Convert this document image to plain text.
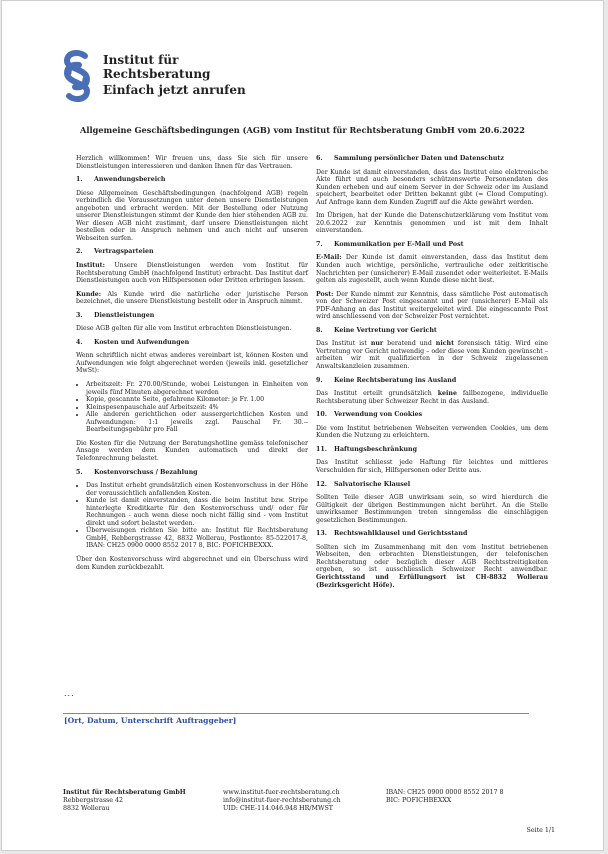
Institut für
Rechtsberatung
Einfach jetzt anrufen
Allgemeine Geschäftsbedingungen (AGB) vom Institut für Rechtsberatung GmbH vom 20.6.2022

Herzlich willkommen! Wir freuen uns, dass Sie sich für unsere Dienstleistungen interessieren und danken Ihnen für das Vertrauen.

1.	Anwendungsbereich

Diese Allgemeinen Geschäftsbedingungen (nachfolgend AGB) regeln verbindlich die Voraussetzungen unter denen unsere Dienstleistungen angeboten und erbracht werden. Mit der Bestellung oder Nutzung unserer Dienstleistungen stimmt der Kunde den hier stehenden AGB zu. Wer diesen AGB nicht zustimmt, darf unsere Dienstleistungen nicht bestellen oder in Anspruch nehmen und auch nicht auf unseren Webseiten surfen.

2.	Vertragsparteien

Institut: Unsere Dienstleistungen werden vom Institut für Rechtsberatung GmbH (nachfolgend Institut) erbracht. Das Institut darf Dienstleistungen auch von Hilfspersonen oder Dritten erbringen lassen.

Kunde: Als Kunde wird die natürliche oder juristische Person bezeichnet, die unsere Dienstleistung bestellt oder in Anspruch nimmt.

3.	Dienstleistungen

Diese AGB gelten für alle vom Institut erbrachten Dienstleistungen.

4.	Kosten und Aufwendungen

Wenn schriftlich nicht etwas anderes vereinbart ist, können Kosten und Aufwendungen wie folgt abgerechnet werden (jeweils inkl. gesetzlicher MwSt):

• Arbeitszeit: Fr. 270.00/Stunde, wobei Leistungen in Einheiten von jeweils fünf Minuten abgerechnet werden
• Kopie, gescannte Seite, gefahrene Kilometer: je Fr. 1.00
• Kleinspesenpauschale auf Arbeitszeit: 4%
• Alle anderen gerichtlichen oder aussergerichtlichen Kosten und Aufwendungen: 1:1 jeweils zzgl. Pauschal Fr. 30.-- Bearbeitungsgebühr pro Fall

Die Kosten für die Nutzung der Beratungshotline gemäss telefonischer Ansage werden dem Kunden automatisch und direkt der Telefonrechnung belastet.

5.	Kostenvorschuss / Bezahlung
• Das Institut erhebt grundsätzlich einen Kostenvorschuss in der Höhe der voraussichtlich anfallenden Kosten.
• Kunde ist damit einverstanden, dass die beim Institut bzw. Stripe hinterlegte Kreditkarte für den Kostenvorschuss und/ oder für Rechnungen - auch wenn diese noch nicht fällig sind - vom Institut direkt und sofort belastet werden.
• Überweisungen richten Sie bitte an: Institut für Rechtsberatung GmbH, Rebbergstrasse 42, 8832 Wollerau, Postkonto: 85-522017-8, IBAN: CH25 0900 0000 8552 2017 8, BIC: POFICHBEXXX.

Über den Kostenvorschuss wird abgerechnet und ein Überschuss wird dem Kunden zurückbezahlt.

6.	Sammlung persönlicher Daten und Datenschutz

Der Kunde ist damit einverstanden, dass das Institut eine elektronische Akte führt und auch besonders schützenswerte Personendaten des Kunden erheben und auf einem Server in der Schweiz oder im Ausland speichert, bearbeitet oder Dritten bekannt gibt (= Cloud Computing). Auf Anfrage kann dem Kunden Zugriff auf die Akte gewährt werden.

Im Übrigen, hat der Kunde die Datenschutzerklärung vom Institut vom 20.6.2022 zur Kenntnis genommen und ist mit dem Inhalt einverstanden.

7.	Kommunikation per E-Mail und Post

E-Mail: Der Kunde ist damit einverstanden, dass das Institut dem Kunden auch wichtige, persönliche, vertrauliche oder zeitkritische Nachrichten per (unsicherer) E-Mail zusendet oder weiterleitet. E-Mails gelten als zugestellt, auch wenn Kunde diese nicht liest.

Post: Der Kunde nimmt zur Kenntnis, dass sämtliche Post automatisch von der Schweizer Post eingescannt und per (unsicherer) E-Mail als PDF-Anhang an das Institut weitergeleitet wird. Die eingescannte Post wird anschliessend von der Schweizer Post vernichtet.

8.	Keine Vertretung vor Gericht

Das Institut ist nur beratend und nicht forensisch tätig. Wird eine Vertretung vor Gericht notwendig – oder diese vom Kunden gewünscht – arbeiten wir mit qualifizierten in der Schweiz zugelassenen Anwaltskanzleien zusammen.

9.	Keine Rechtsberatung ins Ausland

Das Institut erteilt grundsätzlich keine fallbezogene, individuelle Rechtsberatung über Schweizer Recht in das Ausland.

10.	Verwendung von Cookies

Die vom Institut betriebenen Webseiten verwenden Cookies, um dem Kunden die Nutzung zu erleichtern.

11.	Haftungsbeschränkung

Das Institut schliesst jede Haftung für leichtes und mittleres Verschulden für sich, Hilfspersonen oder Dritte aus.

12.	Salvatorische Klausel

Sollten Teile dieser AGB unwirksam sein, so wird hierdurch die Gültigkeit der übrigen Bestimmungen nicht berührt. An die Stelle unwirksamer Bestimmungen treten sinngemäss die einschlägigen gesetzlichen Bestimmungen.

13.	Rechtswahlklausel und Gerichtsstand

Sollten sich im Zusammenhang mit den vom Institut betriebenen Webseiten, den erbrachten Dienstleistungen, der telefonischen Rechtsberatung oder bezüglich dieser AGB Rechtsstreitigkeiten ergeben, so ist ausschliesslich Schweizer Recht anwendbar. Gerichtsstand und Erfüllungsort ist CH-8832 Wollerau (Bezirksgericht Höfe).

...
[Ort, Datum, Unterschrift Auftraggeber]
Institut für Rechtsberatung GmbH
Rebbergstrasse 42
8832 Wollerau
www.institut-fuer-rechtsberatung.ch
info@institut-fuer-rechtsberatung.ch
UID: CHE-114.046.948 HR/MWST
IBAN: CH25 0900 0000 8552 2017 8
BIC: POFICHBEXXX
Seite 1/1
